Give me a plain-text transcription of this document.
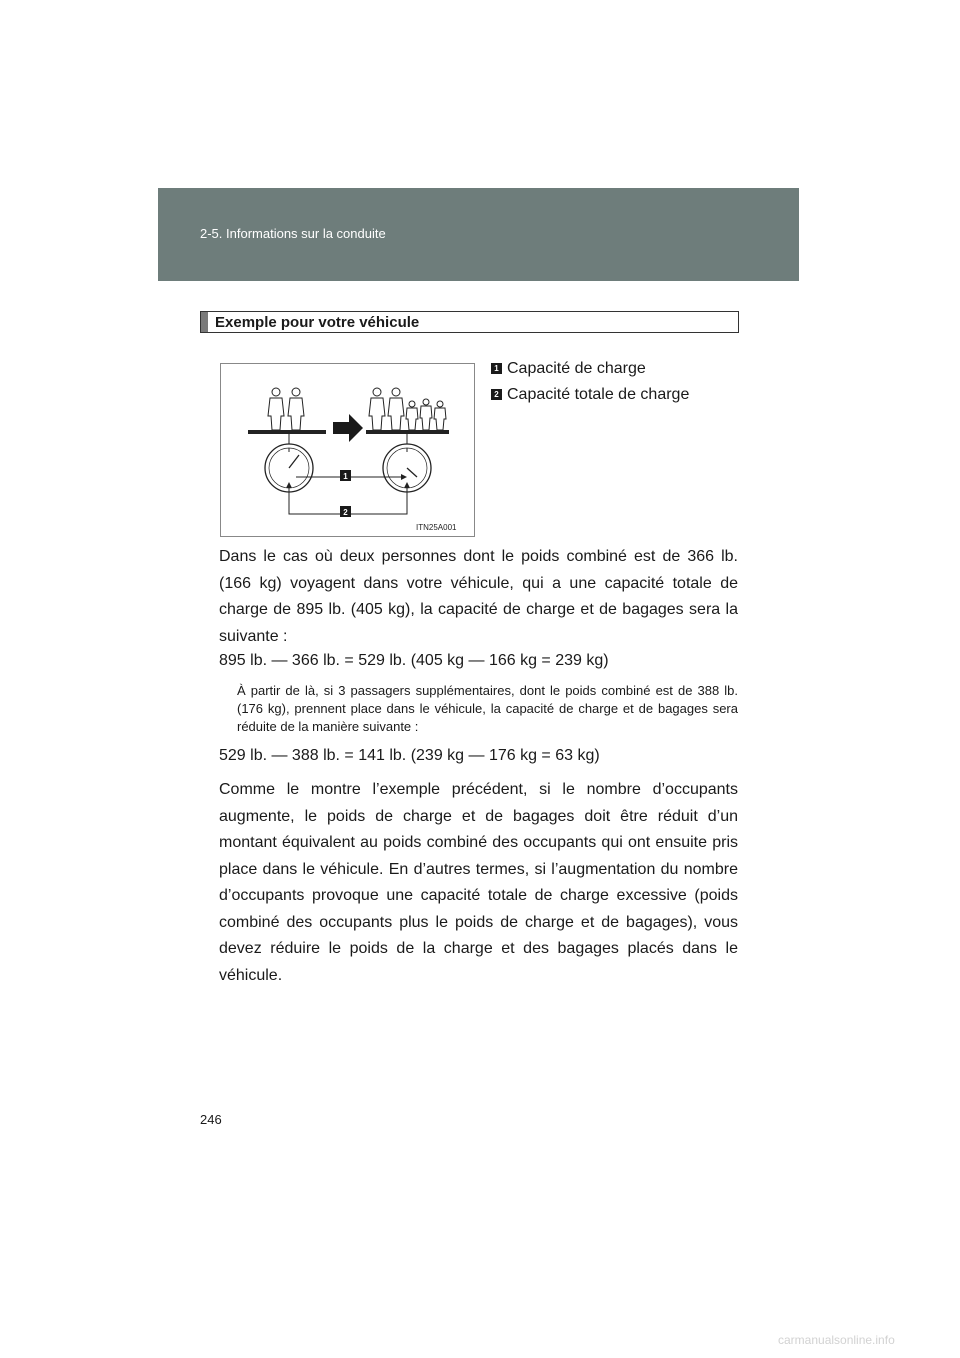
2-5. Informations sur la conduite
Exemple pour votre véhicule
1
2
ITN25A001
1 Capacité de charge
2 Capacité totale de charge
Dans le cas où deux personnes dont le poids combiné est de 366 lb. (166 kg) voyagent dans votre véhicule, qui a une capacité totale de charge de 895 lb. (405 kg), la capacité de charge et de bagages sera la suivante :
895 lb. — 366 lb. = 529 lb. (405 kg — 166 kg = 239 kg)
À partir de là, si 3 passagers supplémentaires, dont le poids combiné est de 388 lb. (176 kg), prennent place dans le véhicule, la capacité de charge et de bagages sera réduite de la manière suivante :
529 lb. — 388 lb. = 141 lb. (239 kg — 176 kg = 63 kg)
Comme le montre l’exemple précédent, si le nombre d’occupants augmente, le poids de charge et de bagages doit être réduit d’un montant équivalent au poids combiné des occupants qui ont ensuite pris place dans le véhicule. En d’autres termes, si l’augmentation du nombre d’occupants provoque une capacité totale de charge excessive (poids combiné des occupants plus le poids de charge et de bagages), vous devez réduire le poids de la charge et des bagages placés dans le véhicule.
246
carmanualsonline.info
